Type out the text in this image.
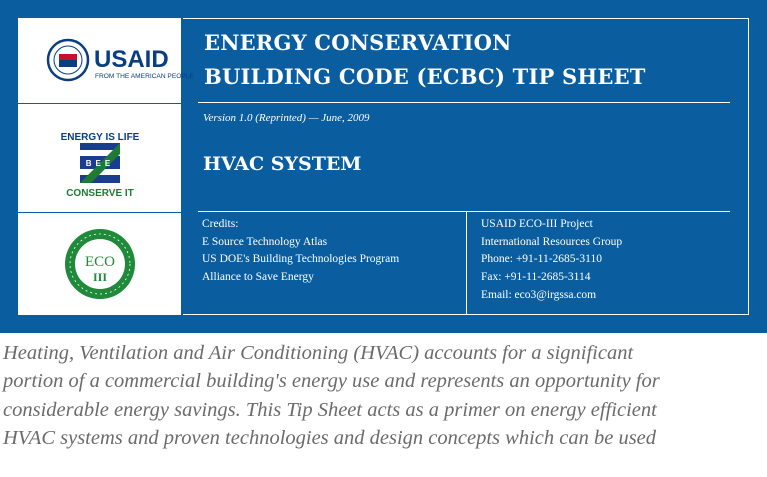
USAID
FROM THE AMERICAN PEOPLE
ENERGY IS LIFE
BEE
CONSERVE IT
ECO
III
ENERGY CONSERVATION
BUILDING CODE (ECBC) TIP SHEET
Version 1.0 (Reprinted) — June, 2009
HVAC SYSTEM
Credits:
E Source Technology Atlas
US DOE's Building Technologies Program
Alliance to Save Energy
USAID ECO-III Project
International Resources Group
Phone: +91-11-2685-3110
Fax: +91-11-2685-3114
Email: eco3@irgssa.com
Heating, Ventilation and Air Conditioning (HVAC) accounts for a significant
portion of a commercial building's energy use and represents an opportunity for
considerable energy savings. This Tip Sheet acts as a primer on energy efficient
HVAC systems and proven technologies and design concepts which can be used
